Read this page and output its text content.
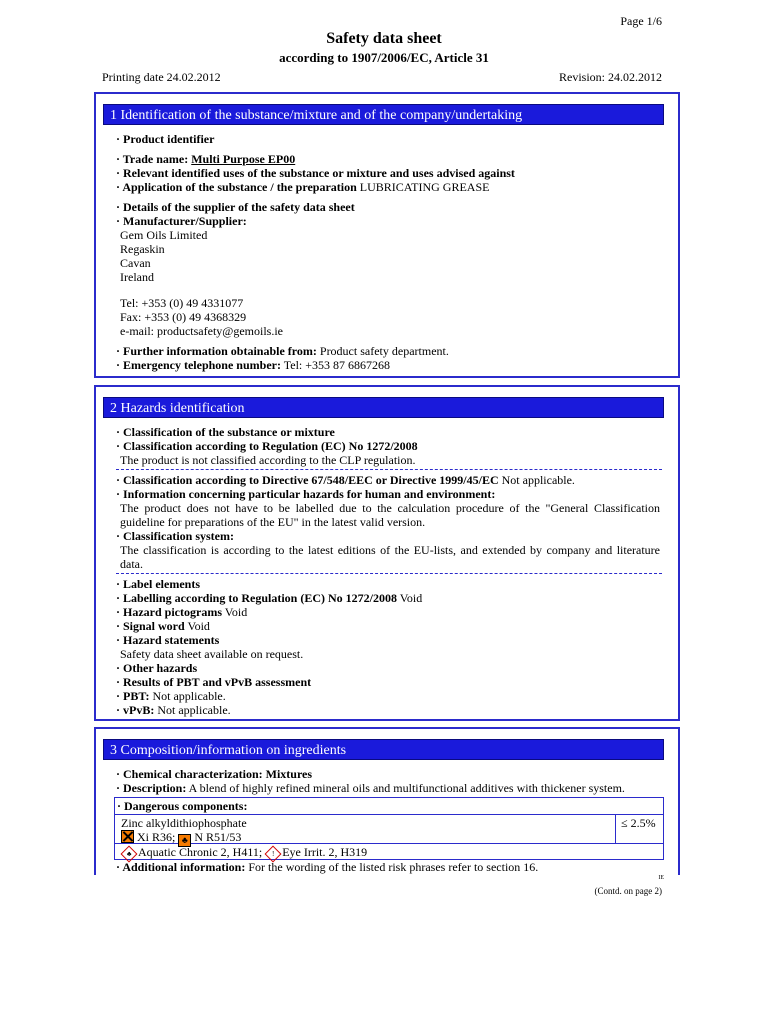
Page 1/6
Safety data sheet
according to 1907/2006/EC, Article 31
Printing date 24.02.2012	Revision: 24.02.2012
1 Identification of the substance/mixture and of the company/undertaking
· Product identifier
· Trade name: Multi Purpose EP00
· Relevant identified uses of the substance or mixture and uses advised against
· Application of the substance / the preparation LUBRICATING GREASE
· Details of the supplier of the safety data sheet
· Manufacturer/Supplier:
Gem Oils Limited
Regaskin
Cavan
Ireland
Tel: +353 (0) 49 4331077
Fax: +353 (0) 49 4368329
e-mail: productsafety@gemoils.ie
· Further information obtainable from: Product safety department.
· Emergency telephone number: Tel: +353 87 6867268
2 Hazards identification
· Classification of the substance or mixture
· Classification according to Regulation (EC) No 1272/2008
The product is not classified according to the CLP regulation.
· Classification according to Directive 67/548/EEC or Directive 1999/45/EC Not applicable.
· Information concerning particular hazards for human and environment:
The product does not have to be labelled due to the calculation procedure of the "General Classification guideline for preparations of the EU" in the latest valid version.
· Classification system:
The classification is according to the latest editions of the EU-lists, and extended by company and literature data.
· Label elements
· Labelling according to Regulation (EC) No 1272/2008 Void
· Hazard pictograms Void
· Signal word Void
· Hazard statements
Safety data sheet available on request.
· Other hazards
· Results of PBT and vPvB assessment
· PBT: Not applicable.
· vPvB: Not applicable.
3 Composition/information on ingredients
· Chemical characterization: Mixtures
· Description: A blend of highly refined mineral oils and multifunctional additives with thickener system.
· Dangerous components:
Zinc alkyldithiophosphate	≤ 2.5%
Xi R36; ♣ N R51/53
♣ Aquatic Chronic 2, H411; ! Eye Irrit. 2, H319
· Additional information: For the wording of the listed risk phrases refer to section 16.
IE
(Contd. on page 2)
